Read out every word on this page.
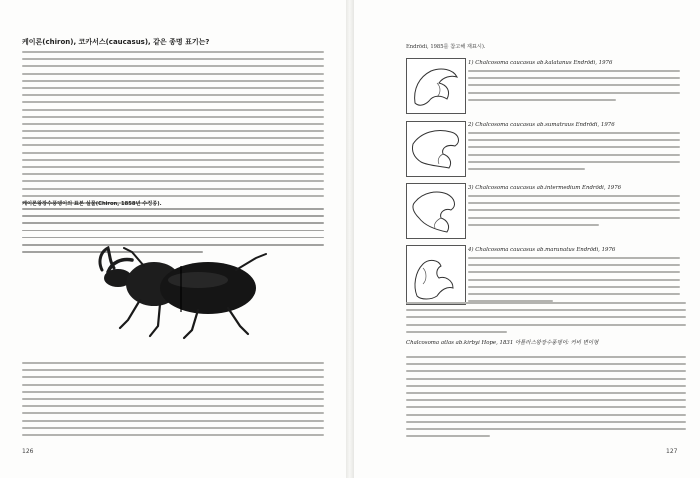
케이론(chiron), 코카서스(caucasus), 같은 종명 표기는?
케이론왕장수풍뎅이의 표본 실물(Chiron, 1858년 수정종).
126
Endrödi, 1985를 참고해 재표시).
1) Chalcosoma caucasus ab.kalatanus Endrödi, 1976
2) Chalcosoma caucasus ab.sumatraus Endrödi, 1976
3) Chalcosoma caucasus ab.intermedium Endrödi, 1976
4) Chalcosoma caucasus ab.marunatus Endrödi, 1976
Chalcosoma atlas ab.kirbyi Hope, 1831 아틀라스왕장수풍뎅이: 커비 변이형
127
